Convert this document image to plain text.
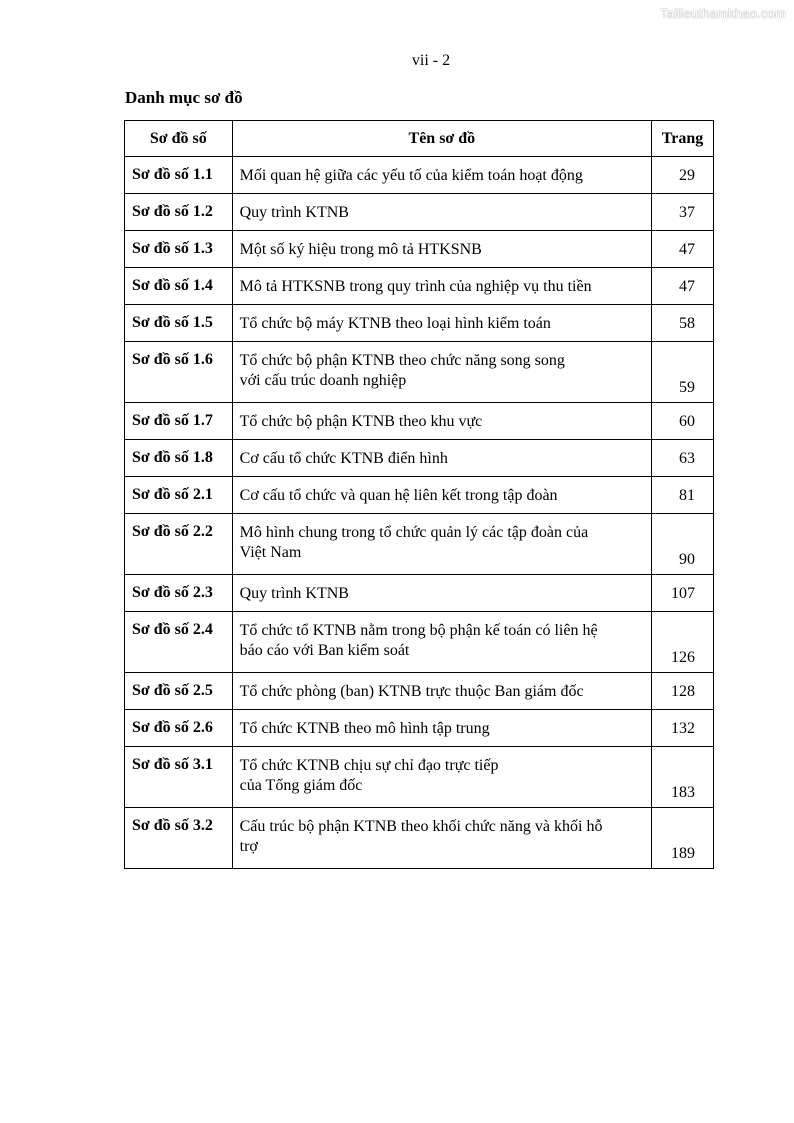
Tailieuthamkhao.com
vii - 2
Danh mục sơ đồ
Sơ đồ số	Tên sơ đồ	Trang
Sơ đồ số 1.1	Mối quan hệ giữa các yếu tố của kiểm toán hoạt động	29
Sơ đồ số 1.2	Quy trình KTNB	37
Sơ đồ số 1.3	Một số ký hiệu trong mô tả HTKSNB	47
Sơ đồ số 1.4	Mô tả HTKSNB trong quy trình của nghiệp vụ thu tiền	47
Sơ đồ số 1.5	Tổ chức bộ máy KTNB theo loại hình kiểm toán	58
Sơ đồ số 1.6	Tổ chức bộ phận KTNB theo chức năng song song
với cấu trúc doanh nghiệp	59
Sơ đồ số 1.7	Tổ chức bộ phận KTNB theo khu vực	60
Sơ đồ số 1.8	Cơ cấu tổ chức KTNB điển hình	63
Sơ đồ số 2.1	Cơ cấu tổ chức và quan hệ liên kết trong tập đoàn	81
Sơ đồ số 2.2	Mô hình chung trong tổ chức quản lý các tập đoàn của
Việt Nam	90
Sơ đồ số 2.3	Quy trình KTNB	107
Sơ đồ số 2.4	Tổ chức tổ KTNB nằm trong bộ phận kế toán có liên hệ
báo cáo với Ban kiểm soát	126
Sơ đồ số 2.5	Tổ chức phòng (ban) KTNB trực thuộc Ban giám đốc	128
Sơ đồ số 2.6	Tổ chức KTNB theo mô hình tập trung	132
Sơ đồ số 3.1	Tổ chức KTNB chịu sự chỉ đạo trực tiếp
của Tổng giám đốc	183
Sơ đồ số 3.2	Cấu trúc bộ phận KTNB theo khối chức năng và khối hỗ
trợ	189
